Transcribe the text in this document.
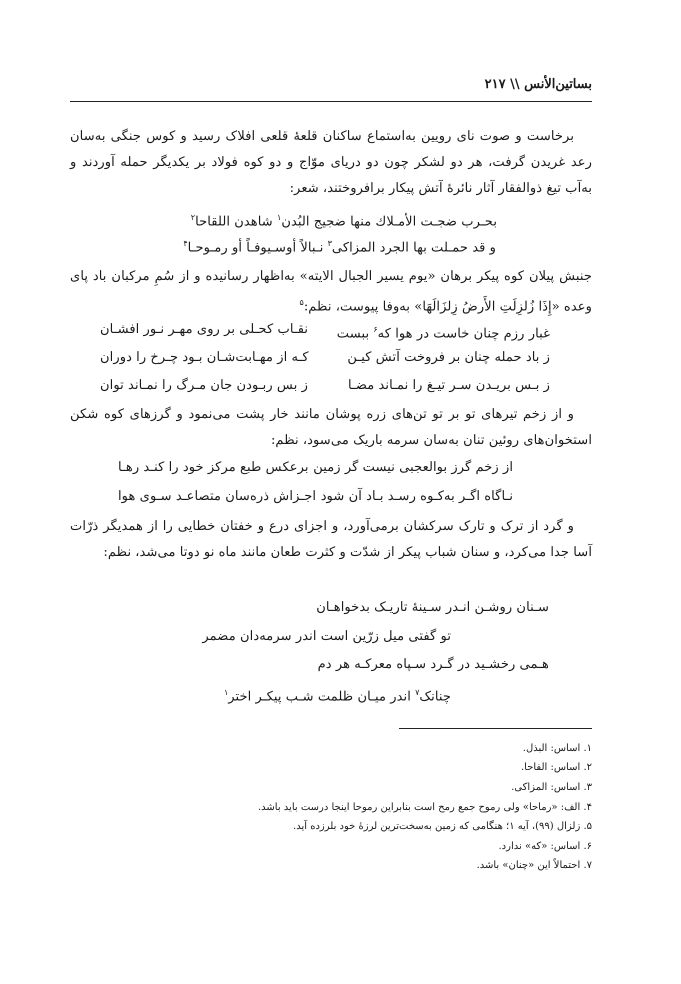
بساتین‌الأنس \\ ۲۱۷
برخاست و صوت نای رویین به‌استماع ساکنان قلعهٔ قلعی افلاک رسید و کوس جنگی به‌سان رعد غریدن گرفت، هر دو لشکر چون دو دریای موّاج و دو کوه فولاد بر یکدیگر حمله آوردند و به‌آب تیغ ذوالفقار آثار نائرهٔ آتش پیکار برافروختند، شعر:
بحـرب ضجـت الأمـلاك منها ضجیج البُدن$^۱$ شاهدن اللقاحا$^۲$
و قد حمـلت بها الجرد المزاکی$^۳$ نـبالاً أوسـیوفـاً أو رمـوحـا$^۴$
جنبش پیلان کوه پیکر برهان «یوم یسیر الجبال الایته» به‌اظهار رسانیده و از سُمِ مرکبان باد پای وعده «إِذَا زُلزِلَتِ الأَرضُ زِلزَالَهَا» به‌وفا پیوست، نظم:$^۵$
غبار رزم چنان خاست در هوا که$^۶$ ببست
نقـاب کحـلی بر روی مهـر نـور افشـان
ز باد حمله چنان بر فروخت آتش کیـن
کـه از مهـابت‌شـان بـود چـرخ را دوران
ز بـس بریـدن سـر تیـغ را نمـاند مضـا
ز بس ربـودن جان مـرگ را نمـاند توان
و از زخم تیرهای تو بر تو تن‌های زره پوشان مانند خار پشت می‌نمود و گرزهای کوه شکن استخوان‌های روئین تنان به‌سان سرمه باریک می‌سود، نظم:
از زخم گرز بوالعجبی نیست گر زمین
برعکس طبع مرکز خود را کنـد رهـا
نـاگاه اگـر به‌کـوه رسـد بـاد آن شود
اجـزاش ذره‌سان متصاعـد سـوی هوا
و گرد از ترک و تارک سرکشان برمی‌آورد، و اجزای درع و خفتان خطایی را از همدیگر ذرّات آسا جدا می‌کرد، و سنان شباب پیکر از شدّت و کثرت طعان مانند ماه نو دوتا می‌شد، نظم:
سـنان روشـن انـدر سـینهٔ تاریـک بدخواهـان
تو گفتی میل زرّین است اندر سرمه‌دان مضمر
هـمی رخشـید در گـرد سـپاه معرکـه هر دم
چنانک$^۷$ اندر میـان ظلمت شـب پیکـر اختر$^۱$
۱. اساس: البذل.
۲. اساس: الفاحا.
۳. اساس: المزاکی.
۴. الف: «رماحا» ولی رموح جمع رمح است بنابراین رموحا اینجا درست باید باشد.
۵. زلزال (۹۹)، آیه ۱؛ هنگامی که زمین به‌سخت‌ترین لرزهٔ خود بلرزده آید.
۶. اساس: «که» ندارد.
۷. احتمالاً این «چنان» باشد.
